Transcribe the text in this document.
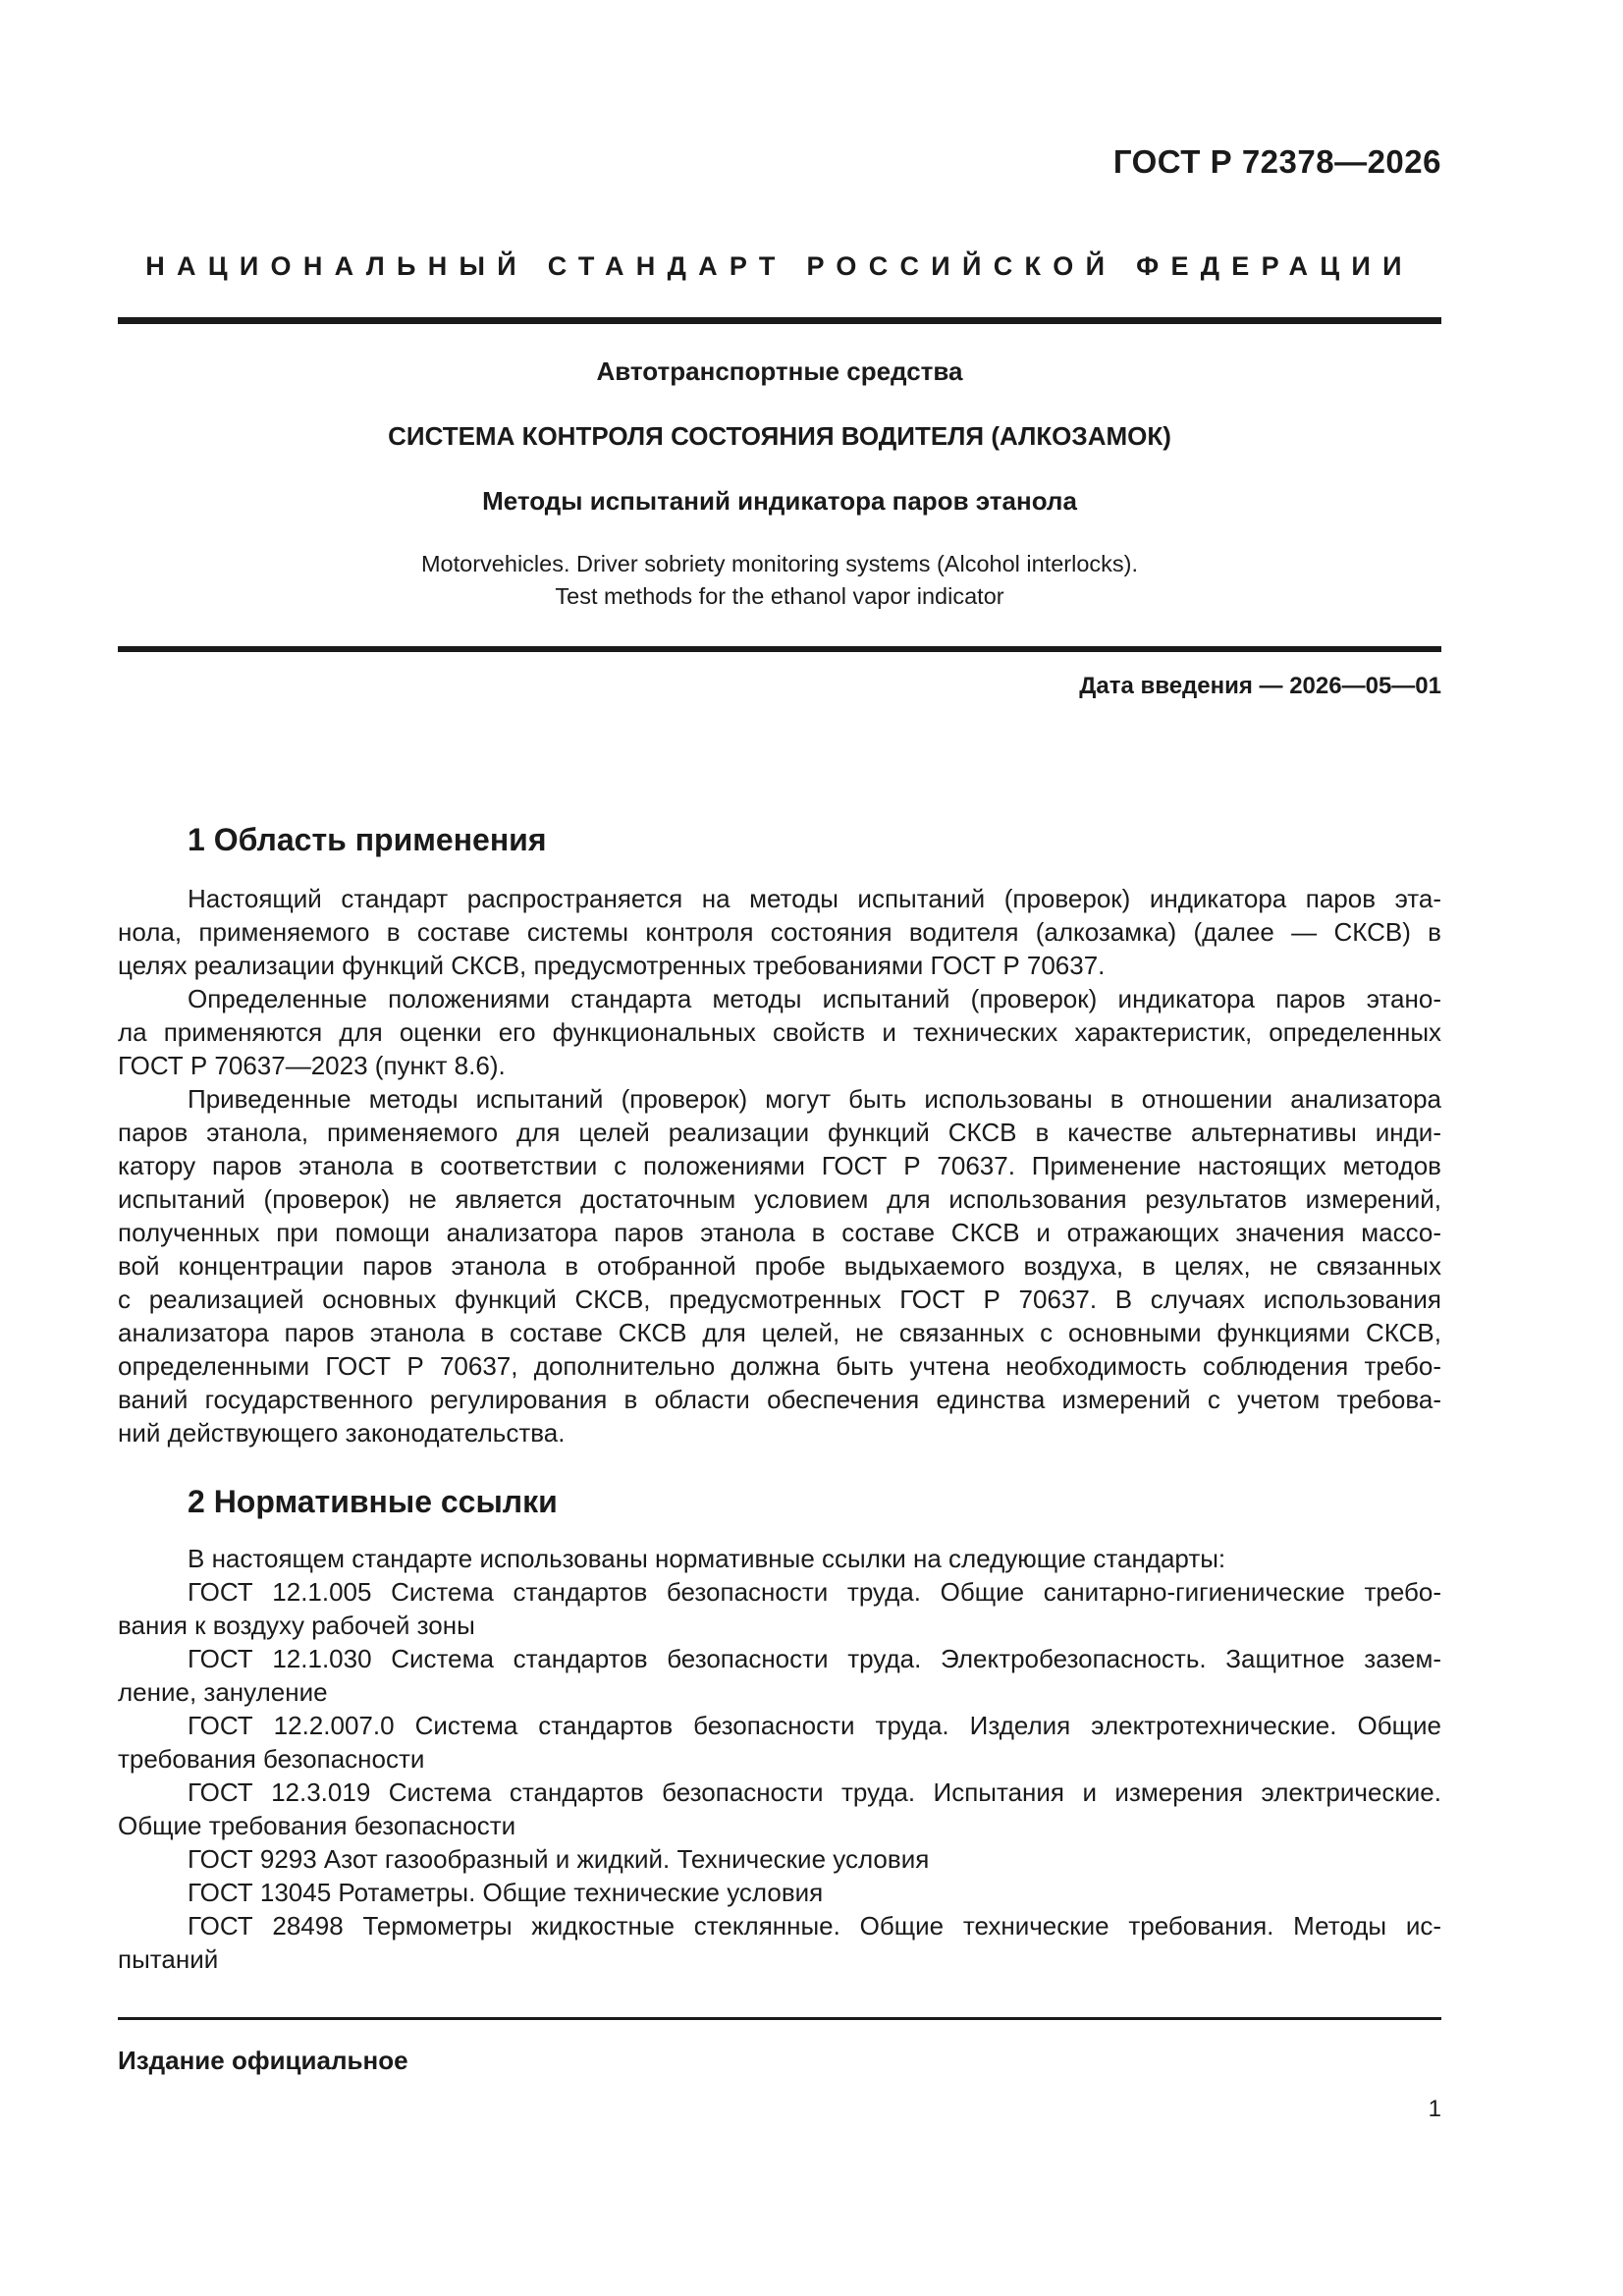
ГОСТ Р 72378—2026
НАЦИОНАЛЬНЫЙ СТАНДАРТ РОССИЙСКОЙ ФЕДЕРАЦИИ
Автотранспортные средства
СИСТЕМА КОНТРОЛЯ СОСТОЯНИЯ ВОДИТЕЛЯ (АЛКОЗАМОК)
Методы испытаний индикатора паров этанола
Motorvehicles. Driver sobriety monitoring systems (Alcohol interlocks).
Test methods for the ethanol vapor indicator
Дата введения — 2026—05—01
1 Область применения
Настоящий стандарт распространяется на методы испытаний (проверок) индикатора паров эта-
нола, применяемого в составе системы контроля состояния водителя (алкозамка) (далее — СКСВ) в
целях реализации функций СКСВ, предусмотренных требованиями ГОСТ Р 70637.
Определенные положениями стандарта методы испытаний (проверок) индикатора паров этано-
ла применяются для оценки его функциональных свойств и технических характеристик, определенных
ГОСТ Р 70637—2023 (пункт 8.6).
Приведенные методы испытаний (проверок) могут быть использованы в отношении анализатора
паров этанола, применяемого для целей реализации функций СКСВ в качестве альтернативы инди-
катору паров этанола в соответствии с положениями ГОСТ Р 70637. Применение настоящих методов
испытаний (проверок) не является достаточным условием для использования результатов измерений,
полученных при помощи анализатора паров этанола в составе СКСВ и отражающих значения массо-
вой концентрации паров этанола в отобранной пробе выдыхаемого воздуха, в целях, не связанных
с реализацией основных функций СКСВ, предусмотренных ГОСТ Р 70637. В случаях использования
анализатора паров этанола в составе СКСВ для целей, не связанных с основными функциями СКСВ,
определенными ГОСТ Р 70637, дополнительно должна быть учтена необходимость соблюдения требо-
ваний государственного регулирования в области обеспечения единства измерений с учетом требова-
ний действующего законодательства.
2 Нормативные ссылки
В настоящем стандарте использованы нормативные ссылки на следующие стандарты:
ГОСТ 12.1.005 Система стандартов безопасности труда. Общие санитарно-гигиенические требо-
вания к воздуху рабочей зоны
ГОСТ 12.1.030 Система стандартов безопасности труда. Электробезопасность. Защитное зазем-
ление, зануление
ГОСТ 12.2.007.0 Система стандартов безопасности труда. Изделия электротехнические. Общие
требования безопасности
ГОСТ 12.3.019 Система стандартов безопасности труда. Испытания и измерения электрические.
Общие требования безопасности
ГОСТ 9293 Азот газообразный и жидкий. Технические условия
ГОСТ 13045 Ротаметры. Общие технические условия
ГОСТ 28498 Термометры жидкостные стеклянные. Общие технические требования. Методы ис-
пытаний
Издание официальное
1
